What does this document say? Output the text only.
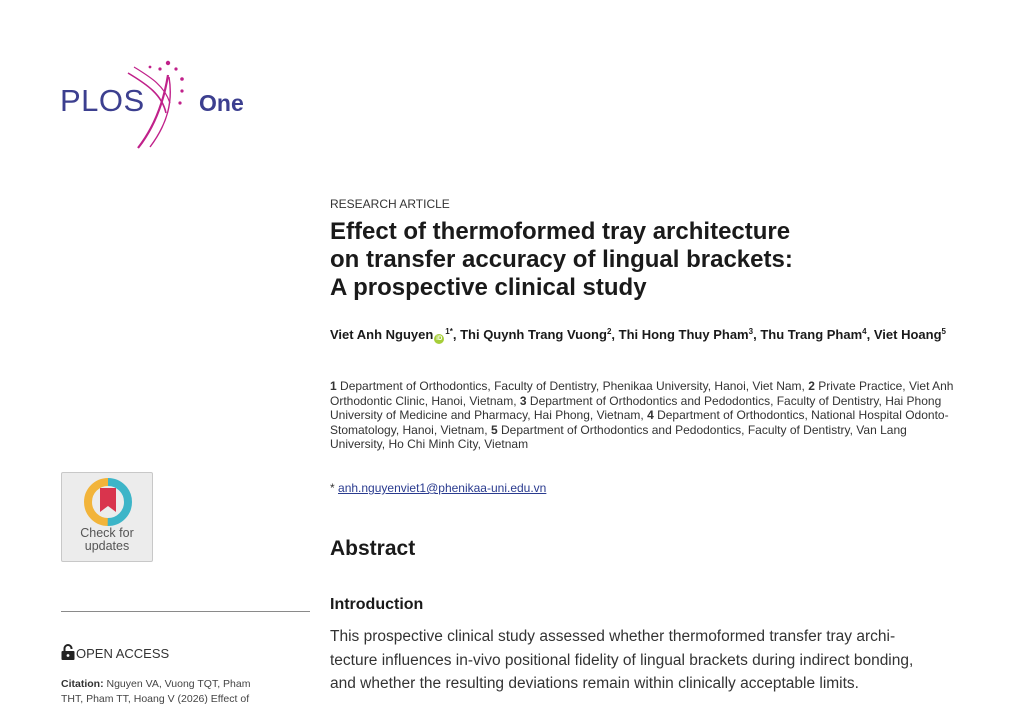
PLOS One
RESEARCH ARTICLE
Effect of thermoformed tray architecture
on transfer accuracy of lingual brackets:
A prospective clinical study
Viet Anh Nguyen $iD^{1*}$, Thi Quynh Trang Vuong$^2$, Thi Hong Thuy Pham$^3$, Thu Trang Pham$^4$, Viet Hoang$^5$
1 Department of Orthodontics, Faculty of Dentistry, Phenikaa University, Hanoi, Viet Nam, 2 Private Practice, Viet Anh Orthodontic Clinic, Hanoi, Vietnam, 3 Department of Orthodontics and Pedodontics, Faculty of Dentistry, Hai Phong University of Medicine and Pharmacy, Hai Phong, Vietnam, 4 Department of Orthodontics, National Hospital Odonto-Stomatology, Hanoi, Vietnam, 5 Department of Orthodontics and Pedodontics, Faculty of Dentistry, Van Lang University, Ho Chi Minh City, Vietnam
* anh.nguyenviet1@phenikaa-uni.edu.vn
Abstract
Introduction
This prospective clinical study assessed whether thermoformed transfer tray archi-
tecture influences in-vivo positional fidelity of lingual brackets during indirect bonding,
and whether the resulting deviations remain within clinically acceptable limits.
Check for
updates
OPEN ACCESS
Citation: Nguyen VA, Vuong TQT, Pham
THT, Pham TT, Hoang V (2026) Effect of
